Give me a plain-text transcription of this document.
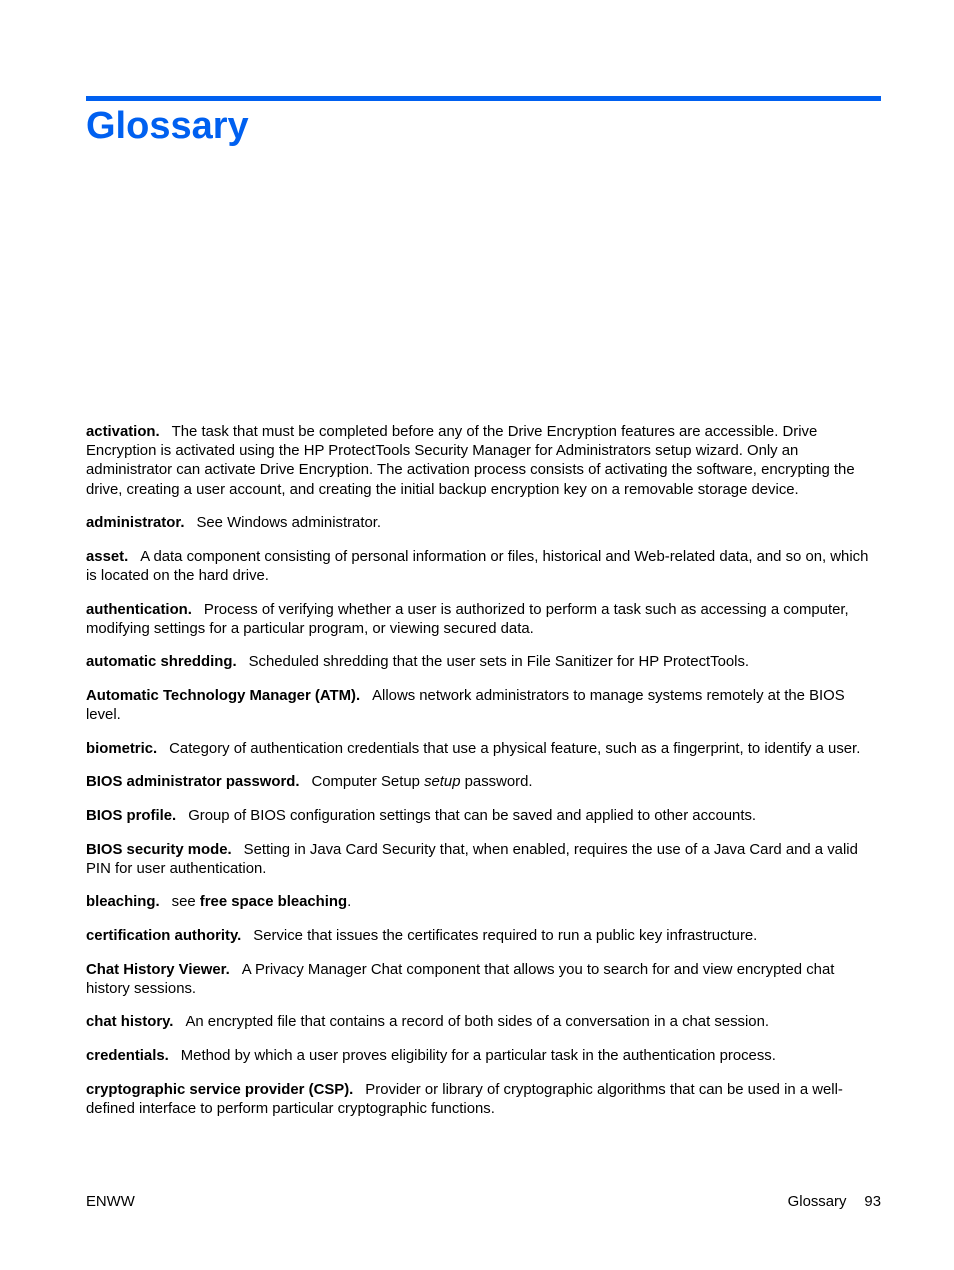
Glossary

activation. The task that must be completed before any of the Drive Encryption features are accessible. Drive Encryption is activated using the HP ProtectTools Security Manager for Administrators setup wizard. Only an administrator can activate Drive Encryption. The activation process consists of activating the software, encrypting the drive, creating a user account, and creating the initial backup encryption key on a removable storage device.

administrator. See Windows administrator.

asset. A data component consisting of personal information or files, historical and Web-related data, and so on, which is located on the hard drive.

authentication. Process of verifying whether a user is authorized to perform a task such as accessing a computer, modifying settings for a particular program, or viewing secured data.

automatic shredding. Scheduled shredding that the user sets in File Sanitizer for HP ProtectTools.

Automatic Technology Manager (ATM). Allows network administrators to manage systems remotely at the BIOS level.

biometric. Category of authentication credentials that use a physical feature, such as a fingerprint, to identify a user.

BIOS administrator password. Computer Setup setup password.

BIOS profile. Group of BIOS configuration settings that can be saved and applied to other accounts.

BIOS security mode. Setting in Java Card Security that, when enabled, requires the use of a Java Card and a valid PIN for user authentication.

bleaching. see free space bleaching.

certification authority. Service that issues the certificates required to run a public key infrastructure.

Chat History Viewer. A Privacy Manager Chat component that allows you to search for and view encrypted chat history sessions.

chat history. An encrypted file that contains a record of both sides of a conversation in a chat session.

credentials. Method by which a user proves eligibility for a particular task in the authentication process.

cryptographic service provider (CSP). Provider or library of cryptographic algorithms that can be used in a well-defined interface to perform particular cryptographic functions.

ENWW	Glossary 93
